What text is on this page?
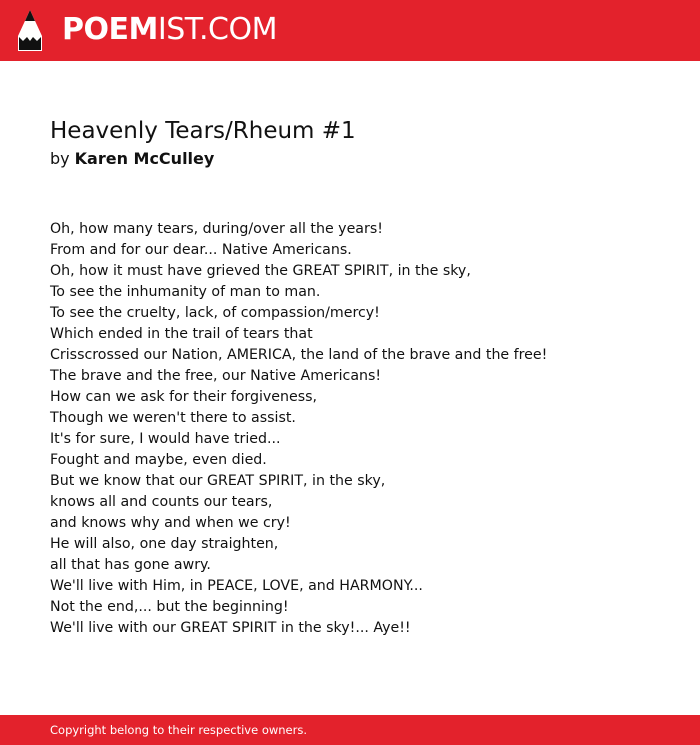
POEMIST.COM
Heavenly Tears/Rheum #1
by Karen McCulley
Oh, how many tears, during/over all the years!
From and for our dear... Native Americans.
Oh, how it must have grieved the GREAT SPIRIT, in the sky,
To see the inhumanity of man to man.
To see the cruelty, lack, of compassion/mercy!
Which ended in the trail of tears that
Crisscrossed our Nation, AMERICA, the land of the brave and the free!
The brave and the free, our Native Americans!
How can we ask for their forgiveness,
Though we weren't there to assist.
It's for sure, I would have tried...
Fought and maybe, even died.
But we know that our GREAT SPIRIT, in the sky,
knows all and counts our tears,
and knows why and when we cry!
He will also, one day straighten,
all that has gone awry.
We'll live with Him, in PEACE, LOVE, and HARMONY...
Not the end,... but the beginning!
We'll live with our GREAT SPIRIT in the sky!... Aye!!
Copyright belong to their respective owners.
